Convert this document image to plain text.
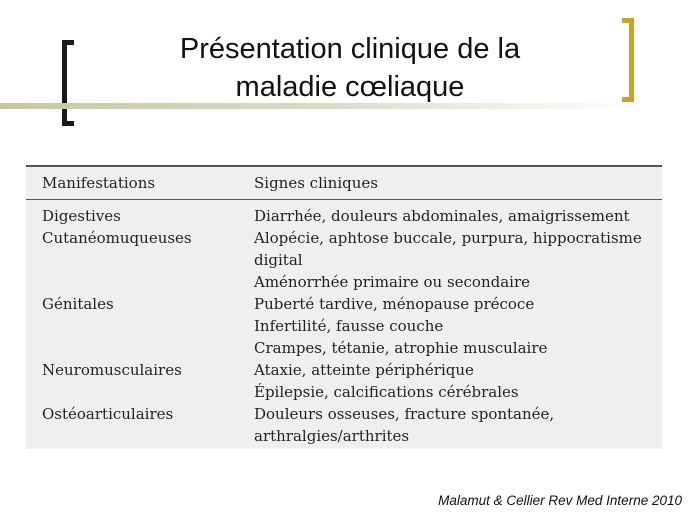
Présentation clinique de la
maladie cœliaque
Manifestations	Signes cliniques
Digestives
Cutanéomuqueuses
Génitales
Neuromusculaires
Ostéoarticulaires
Diarrhée, douleurs abdominales, amaigrissement
Alopécie, aphtose buccale, purpura, hippocratisme
digital
Aménorrhée primaire ou secondaire
Puberté tardive, ménopause précoce
Infertilité, fausse couche
Crampes, tétanie, atrophie musculaire
Ataxie, atteinte périphérique
Épilepsie, calcifications cérébrales
Douleurs osseuses, fracture spontanée,
arthralgies/arthrites
Malamut & Cellier Rev Med Interne 2010
